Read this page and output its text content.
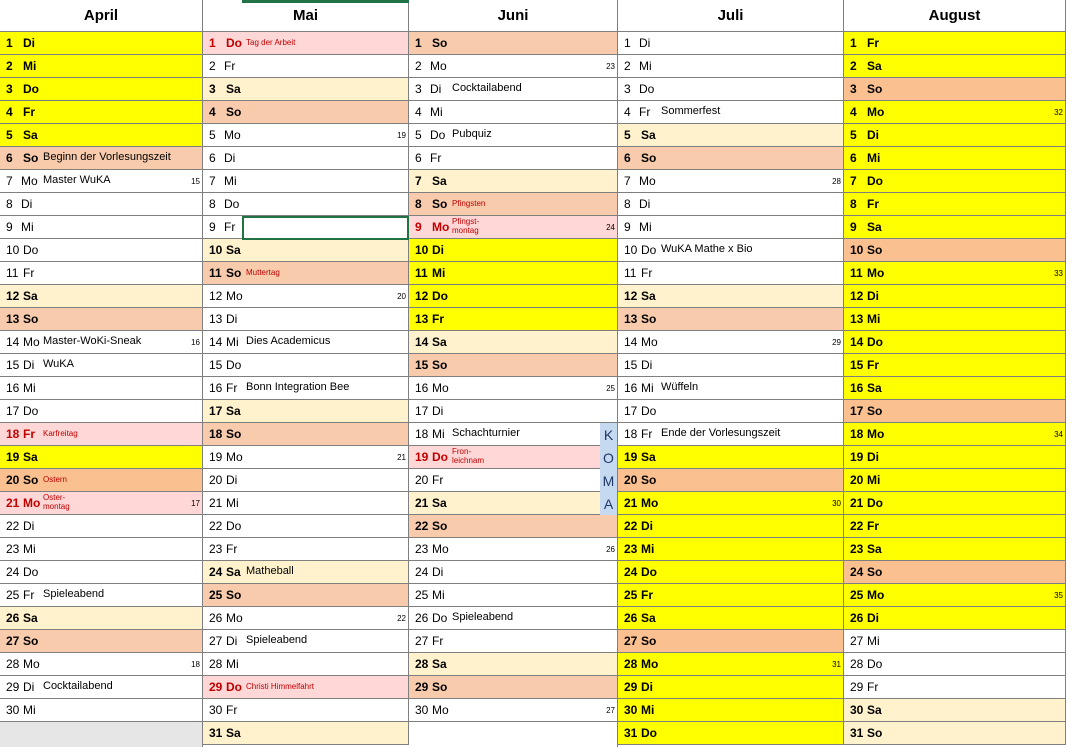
April
1 Di
2 Mi
3 Do
4 Fr
5 Sa
6 So Beginn der Vorlesungszeit
7 Mo Master WuKA	15
8 Di
9 Mi
10 Do
11 Fr
12 Sa
13 So
14 Mo Master-WoKi-Sneak	16
15 Di WuKA
16 Mi
17 Do
18 Fr Karfreitag
19 Sa
20 So Ostern
21 Mo Oster-
montag	17
22 Di
23 Mi
24 Do
25 Fr Spieleabend
26 Sa
27 So
28 Mo	18
29 Di Cocktailabend
30 Mi
Mai
1 Do Tag der Arbeit
2 Fr
3 Sa
4 So
5 Mo	19
6 Di
7 Mi
8 Do
9 Fr
10 Sa
11 So Muttertag
12 Mo	20
13 Di
14 Mi Dies Academicus
15 Do
16 Fr Bonn Integration Bee
17 Sa
18 So
19 Mo	21
20 Di
21 Mi
22 Do
23 Fr
24 Sa Matheball
25 So
26 Mo	22
27 Di Spieleabend
28 Mi
29 Do Christi Himmelfahrt
30 Fr
31 Sa
Juni
1 So
2 Mo	23
3 Di Cocktailabend
4 Mi
5 Do Pubquiz
6 Fr
7 Sa
8 So Pfingsten
9 Mo Pfingst-
montag	24
10 Di
11 Mi
12 Do
13 Fr
14 Sa
15 So
16 Mo	25
17 Di
18 Mi Schachturnier
19 Do Fron-
leichnam
20 Fr
21 Sa
22 So
23 Mo	26
24 Di
25 Mi
26 Do Spieleabend
27 Fr
28 Sa
29 So
30 Mo	27
Juli
1 Di
2 Mi
3 Do
4 Fr Sommerfest
5 Sa
6 So
7 Mo	28
8 Di
9 Mi
10 Do WuKA Mathe x Bio
11 Fr
12 Sa
13 So
14 Mo	29
15 Di
16 Mi Wüffeln
17 Do
18 Fr Ende der Vorlesungszeit
19 Sa
20 So
21 Mo	30
22 Di
23 Mi
24 Do
25 Fr
26 Sa
27 So
28 Mo	31
29 Di
30 Mi
31 Do
August
1 Fr
2 Sa
3 So
4 Mo	32
5 Di
6 Mi
7 Do
8 Fr
9 Sa
10 So
11 Mo	33
12 Di
13 Mi
14 Do
15 Fr
16 Sa
17 So
18 Mo	34
19 Di
20 Mi
21 Do
22 Fr
23 Sa
24 So
25 Mo	35
26 Di
27 Mi
28 Do
29 Fr
30 Sa
31 So
K
O
M
A
